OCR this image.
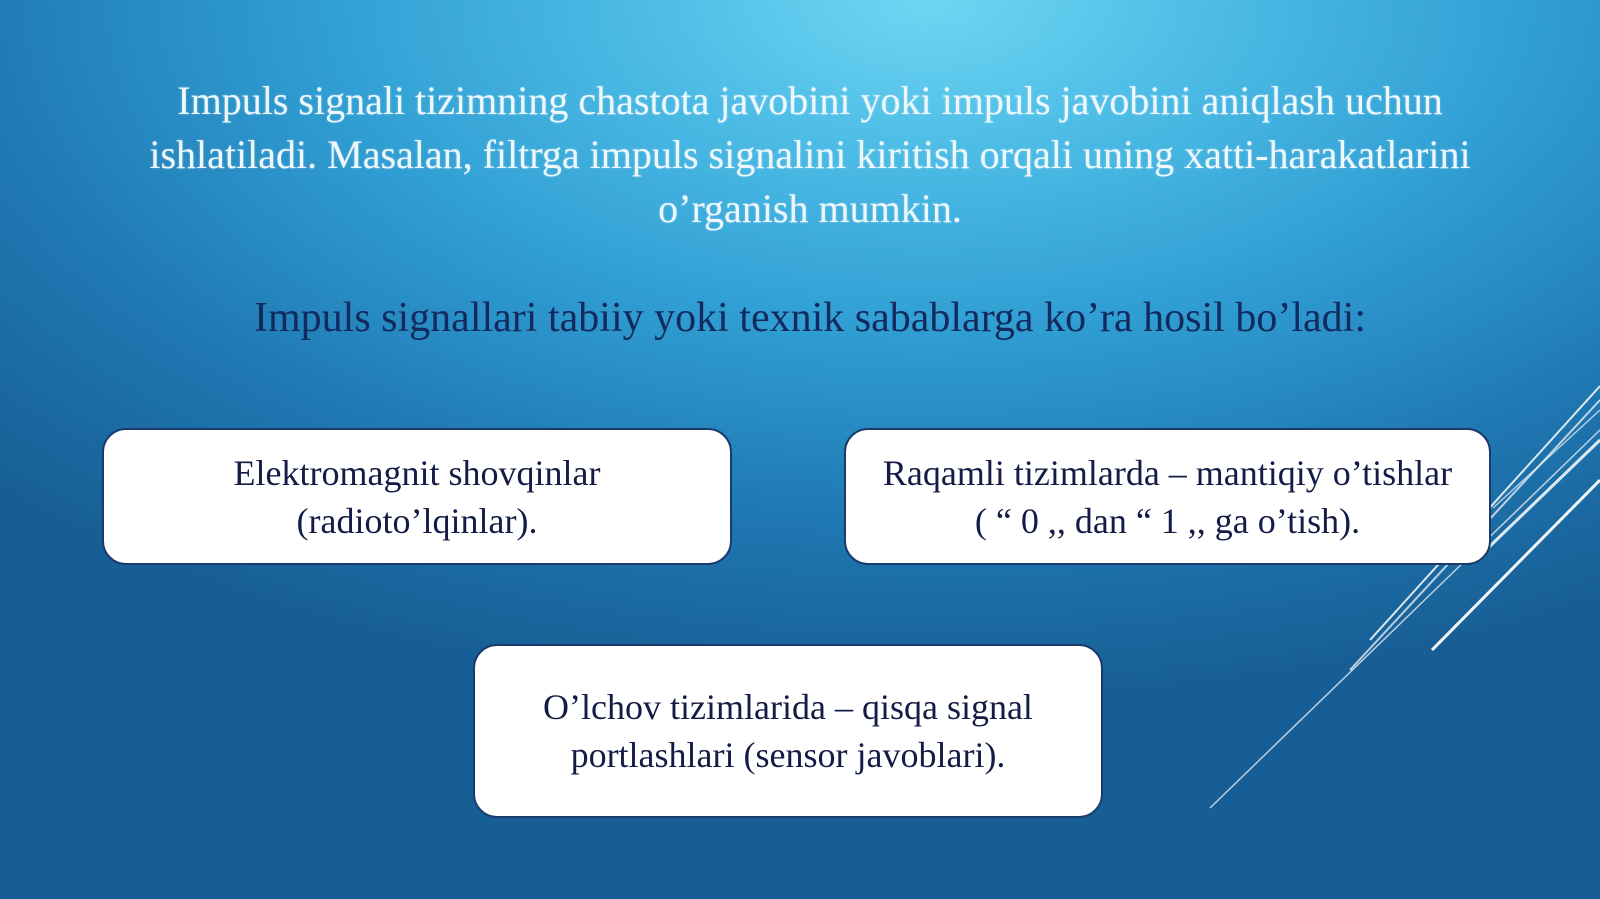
Impuls signali tizimning chastota javobini yoki impuls javobini aniqlash uchun ishlatiladi. Masalan, filtrga impuls signalini kiritish orqali uning xatti-harakatlarini o’rganish mumkin.
Impuls signallari tabiiy yoki texnik sabablarga ko’ra hosil bo’ladi:
Elektromagnit shovqinlar (radioto’lqinlar).
Raqamli tizimlarda – mantiqiy o’tishlar ( “ 0 ,, dan “ 1 ,, ga o’tish).
O’lchov tizimlarida – qisqa signal portlashlari (sensor javoblari).
